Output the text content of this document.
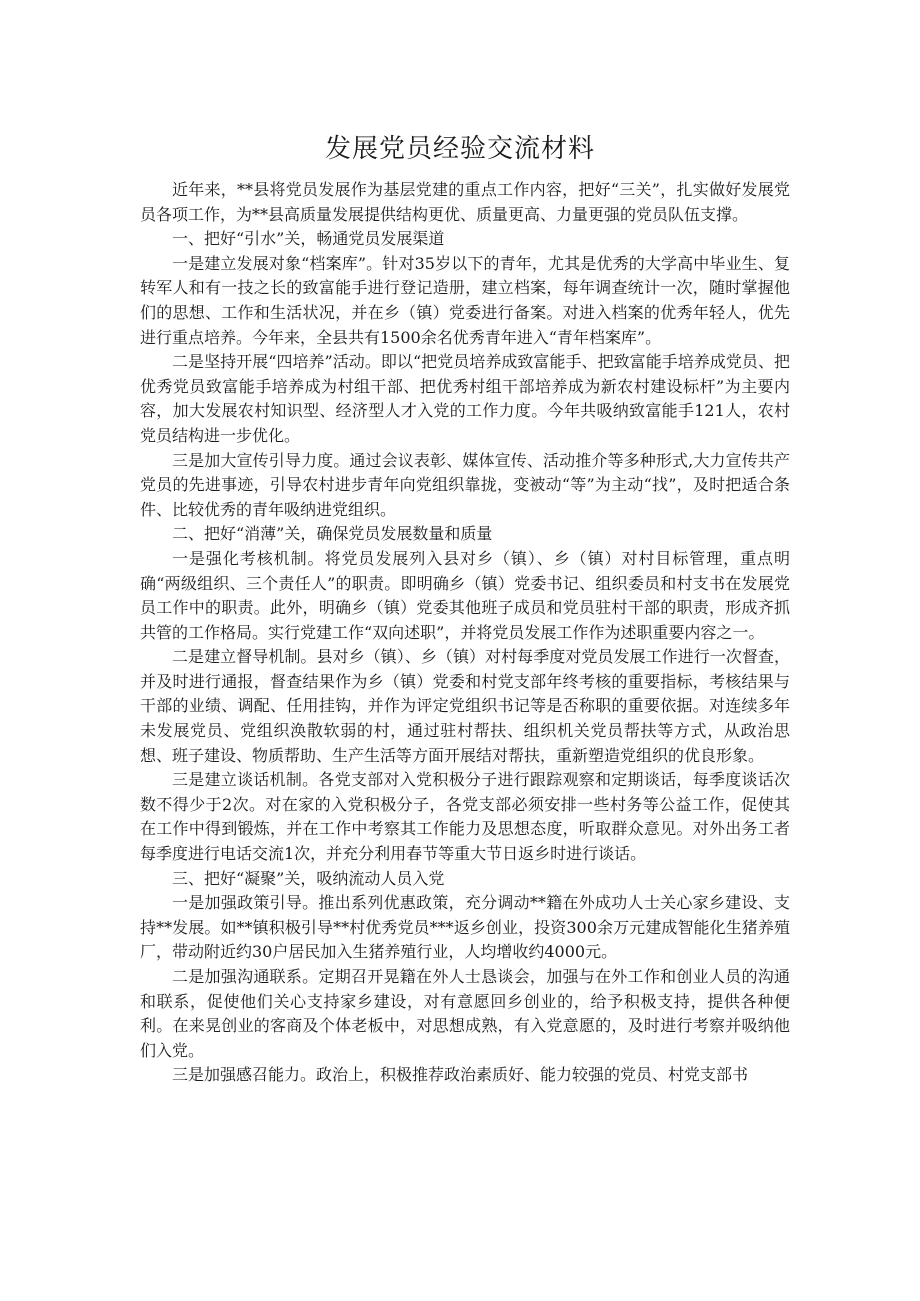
发展党员经验交流材料

近年来，**县将党员发展作为基层党建的重点工作内容，把好“三关”，扎实做好发展党员各项工作，为**县高质量发展提供结构更优、质量更高、力量更强的党员队伍支撑。

一、把好“引水”关，畅通党员发展渠道

一是建立发展对象“档案库”。针对35岁以下的青年，尤其是优秀的大学高中毕业生、复转军人和有一技之长的致富能手进行登记造册，建立档案，每年调查统计一次，随时掌握他们的思想、工作和生活状况，并在乡（镇）党委进行备案。对进入档案的优秀年轻人，优先进行重点培养。今年来，全县共有1500余名优秀青年进入“青年档案库”。

二是坚持开展“四培养”活动。即以“把党员培养成致富能手、把致富能手培养成党员、把优秀党员致富能手培养成为村组干部、把优秀村组干部培养成为新农村建设标杆”为主要内容，加大发展农村知识型、经济型人才入党的工作力度。今年共吸纳致富能手121人，农村党员结构进一步优化。

三是加大宣传引导力度。通过会议表彰、媒体宣传、活动推介等多种形式,大力宣传共产党员的先进事迹，引导农村进步青年向党组织靠拢，变被动“等”为主动“找”，及时把适合条件、比较优秀的青年吸纳进党组织。

二、把好“消薄”关，确保党员发展数量和质量

一是强化考核机制。将党员发展列入县对乡（镇）、乡（镇）对村目标管理，重点明确“两级组织、三个责任人”的职责。即明确乡（镇）党委书记、组织委员和村支书在发展党员工作中的职责。此外，明确乡（镇）党委其他班子成员和党员驻村干部的职责，形成齐抓共管的工作格局。实行党建工作“双向述职”，并将党员发展工作作为述职重要内容之一。

二是建立督导机制。县对乡（镇）、乡（镇）对村每季度对党员发展工作进行一次督查，并及时进行通报，督查结果作为乡（镇）党委和村党支部年终考核的重要指标，考核结果与干部的业绩、调配、任用挂钩，并作为评定党组织书记等是否称职的重要依据。对连续多年未发展党员、党组织涣散软弱的村，通过驻村帮扶、组织机关党员帮扶等方式，从政治思想、班子建设、物质帮助、生产生活等方面开展结对帮扶，重新塑造党组织的优良形象。

三是建立谈话机制。各党支部对入党积极分子进行跟踪观察和定期谈话，每季度谈话次数不得少于2次。对在家的入党积极分子，各党支部必须安排一些村务等公益工作，促使其在工作中得到锻炼，并在工作中考察其工作能力及思想态度，听取群众意见。对外出务工者每季度进行电话交流1次，并充分利用春节等重大节日返乡时进行谈话。

三、把好“凝聚”关，吸纳流动人员入党

一是加强政策引导。推出系列优惠政策，充分调动**籍在外成功人士关心家乡建设、支持**发展。如**镇积极引导**村优秀党员***返乡创业，投资300余万元建成智能化生猪养殖厂，带动附近约30户居民加入生猪养殖行业，人均增收约4000元。

二是加强沟通联系。定期召开晃籍在外人士恳谈会，加强与在外工作和创业人员的沟通和联系，促使他们关心支持家乡建设，对有意愿回乡创业的，给予积极支持，提供各种便利。在来晃创业的客商及个体老板中，对思想成熟，有入党意愿的，及时进行考察并吸纳他们入党。

三是加强感召能力。政治上，积极推荐政治素质好、能力较强的党员、村党支部书
